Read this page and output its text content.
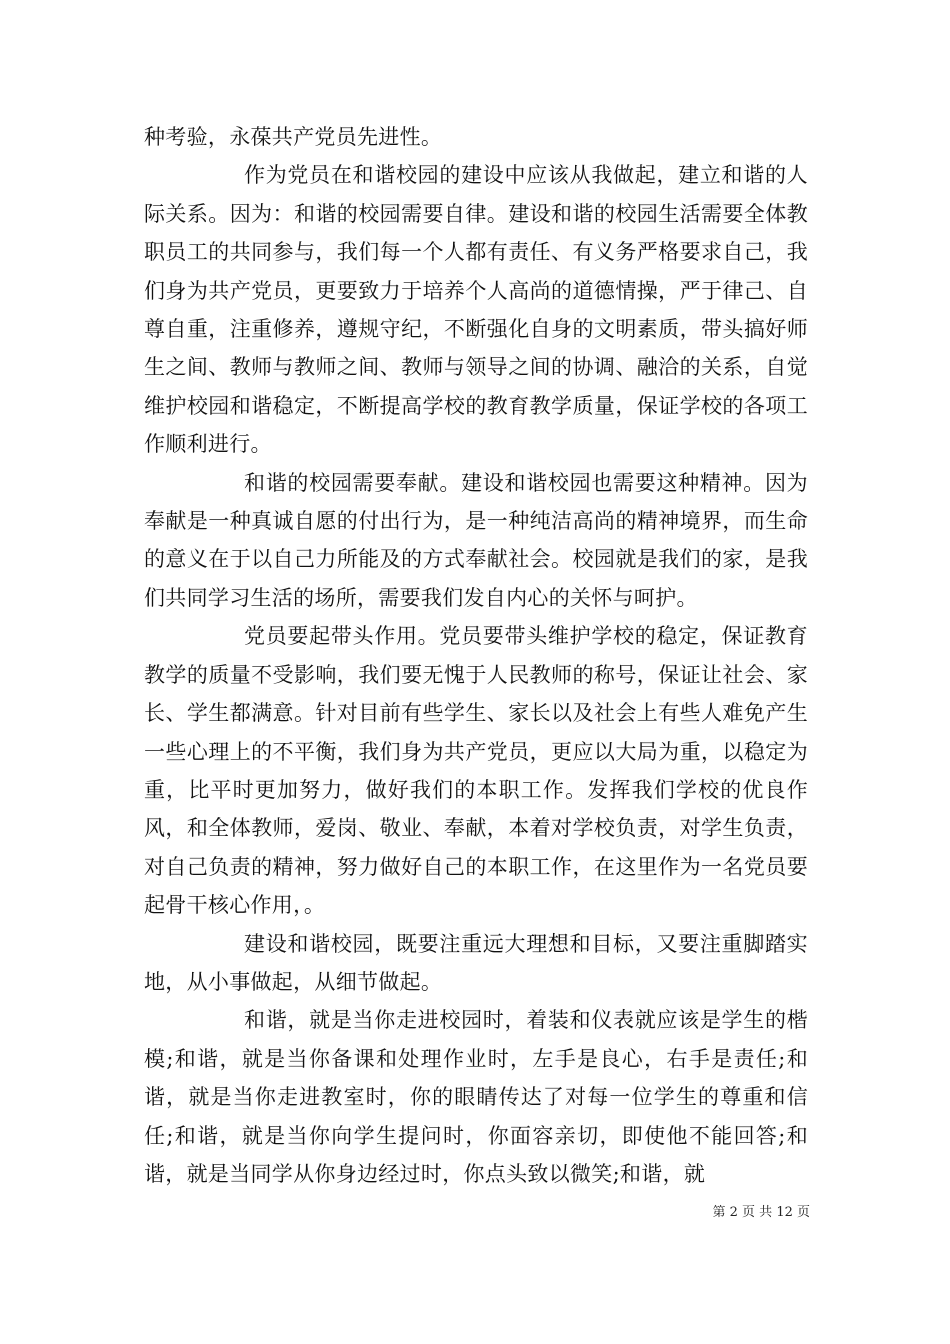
种考验，永葆共产党员先进性。

作为党员在和谐校园的建设中应该从我做起，建立和谐的人际关系。因为：和谐的校园需要自律。建设和谐的校园生活需要全体教职员工的共同参与，我们每一个人都有责任、有义务严格要求自己，我们身为共产党员，更要致力于培养个人高尚的道德情操，严于律己、自尊自重，注重修养，遵规守纪，不断强化自身的文明素质，带头搞好师生之间、教师与教师之间、教师与领导之间的协调、融洽的关系，自觉维护校园和谐稳定，不断提高学校的教育教学质量，保证学校的各项工作顺利进行。

和谐的校园需要奉献。建设和谐校园也需要这种精神。因为奉献是一种真诚自愿的付出行为，是一种纯洁高尚的精神境界，而生命的意义在于以自己力所能及的方式奉献社会。校园就是我们的家，是我们共同学习生活的场所，需要我们发自内心的关怀与呵护。

党员要起带头作用。党员要带头维护学校的稳定，保证教育教学的质量不受影响，我们要无愧于人民教师的称号，保证让社会、家长、学生都满意。针对目前有些学生、家长以及社会上有些人难免产生一些心理上的不平衡，我们身为共产党员，更应以大局为重，以稳定为重，比平时更加努力，做好我们的本职工作。发挥我们学校的优良作风，和全体教师，爱岗、敬业、奉献，本着对学校负责，对学生负责，对自己负责的精神，努力做好自己的本职工作，在这里作为一名党员要起骨干核心作用，。

建设和谐校园，既要注重远大理想和目标，又要注重脚踏实地，从小事做起，从细节做起。

和谐，就是当你走进校园时，着装和仪表就应该是学生的楷模;和谐，就是当你备课和处理作业时，左手是良心，右手是责任;和谐，就是当你走进教室时，你的眼睛传达了对每一位学生的尊重和信任;和谐，就是当你向学生提问时，你面容亲切，即使他不能回答;和谐，就是当同学从你身边经过时，你点头致以微笑;和谐，就

第 2 页 共 12 页
